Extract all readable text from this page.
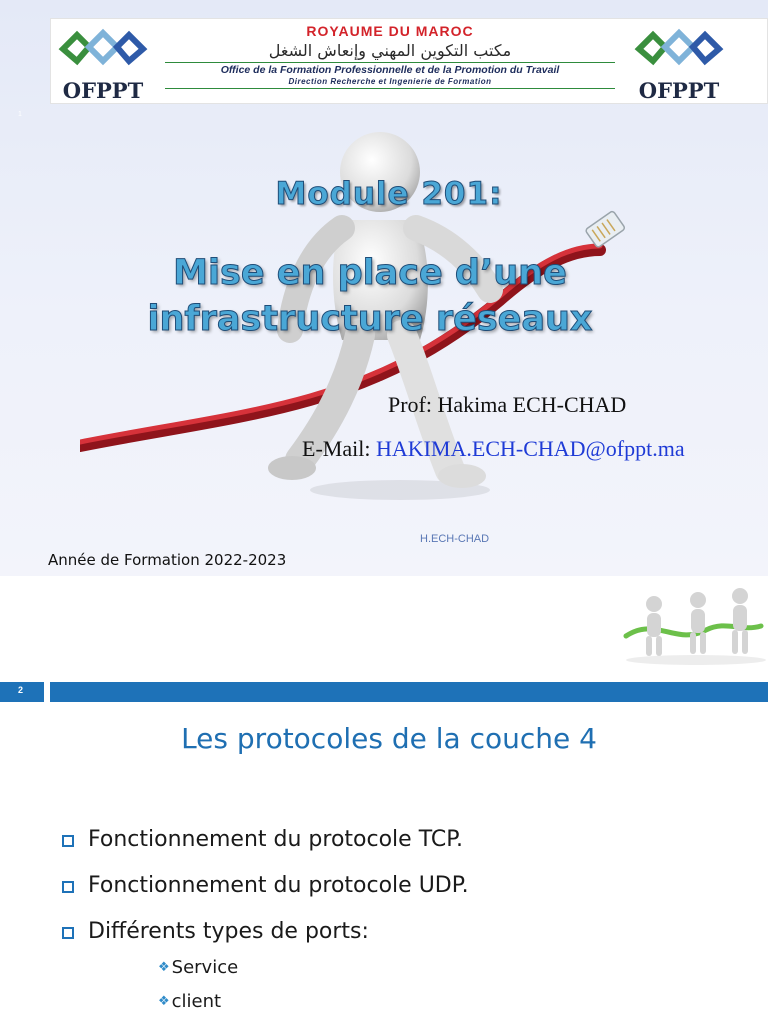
OFPPT
ROYAUME DU MAROC
مكتب التكوين المهني وإنعاش الشغل
Office de la Formation Professionnelle et de la Promotion du Travail
Direction Recherche et Ingenierie de Formation	OFPPT
1
Module 201:
Mise en place d’une
infrastructure réseaux
Prof: Hakima ECH-CHAD
E-Mail: HAKIMA.ECH-CHAD@ofppt.ma
H.ECH-CHAD
Année de Formation 2022-2023
2
Les protocoles de la couche 4
Fonctionnement du protocole TCP.
Fonctionnement du protocole UDP.
Différents types de ports:
❖ Service
❖ client
